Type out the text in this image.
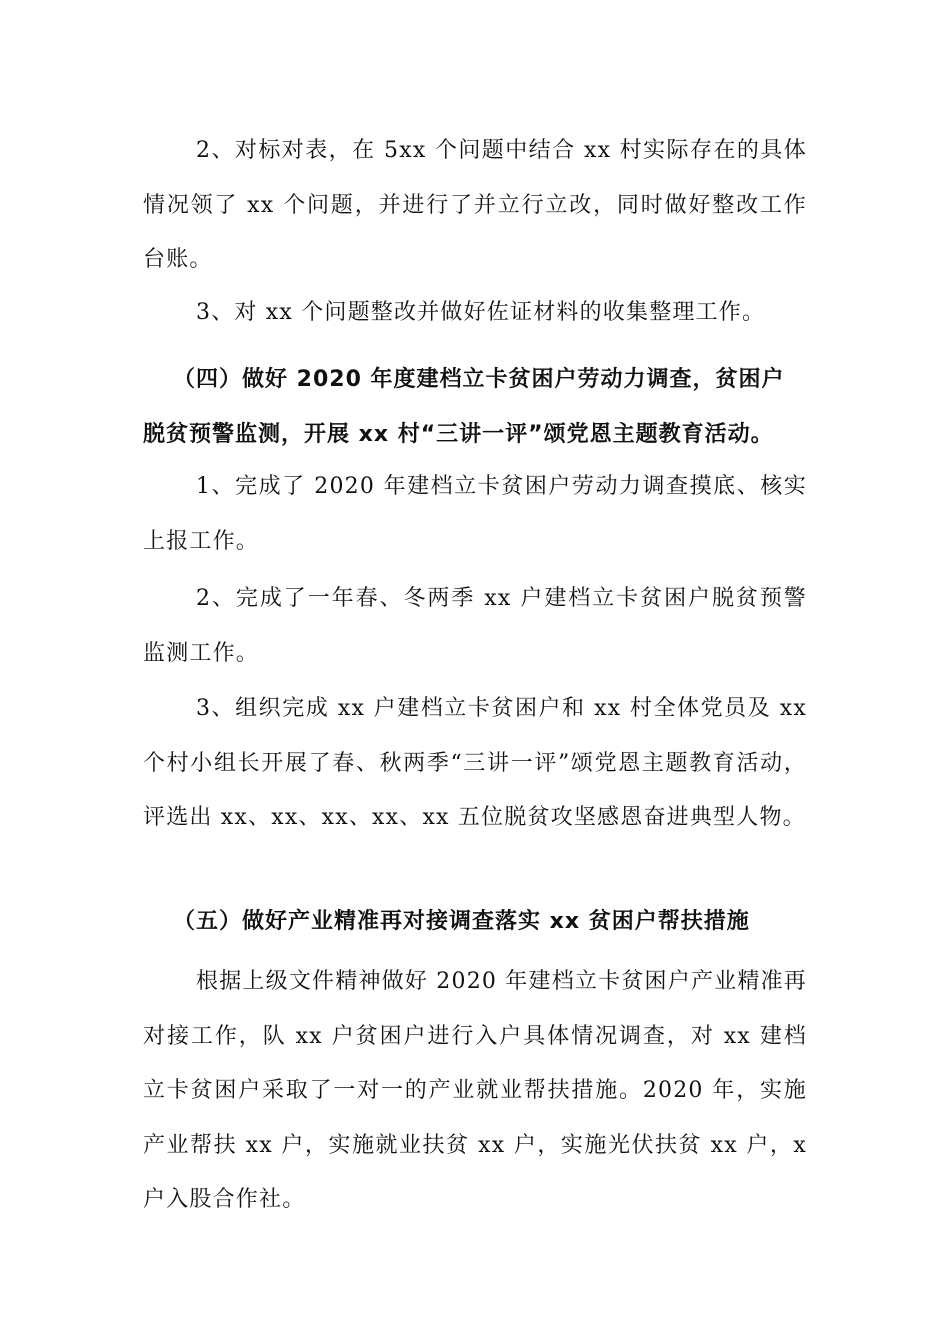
2、对标对表，在 5xx 个问题中结合 xx 村实际存在的具体情况领了 xx 个问题，并进行了并立行立改，同时做好整改工作台账。

3、对 xx 个问题整改并做好佐证材料的收集整理工作。

（四）做好 2020 年度建档立卡贫困户劳动力调查，贫困户脱贫预警监测，开展 xx 村“三讲一评”颂党恩主题教育活动。

1、完成了 2020 年建档立卡贫困户劳动力调查摸底、核实上报工作。

2、完成了一年春、冬两季 xx 户建档立卡贫困户脱贫预警监测工作。

3、组织完成 xx 户建档立卡贫困户和 xx 村全体党员及 xx 个村小组长开展了春、秋两季“三讲一评”颂党恩主题教育活动，评选出 xx、xx、xx、xx、xx 五位脱贫攻坚感恩奋进典型人物。

（五）做好产业精准再对接调查落实 xx 贫困户帮扶措施

根据上级文件精神做好 2020 年建档立卡贫困户产业精准再对接工作，队 xx 户贫困户进行入户具体情况调查，对 xx 建档立卡贫困户采取了一对一的产业就业帮扶措施。2020 年，实施产业帮扶 xx 户，实施就业扶贫 xx 户，实施光伏扶贫 xx 户，x 户入股合作社。
